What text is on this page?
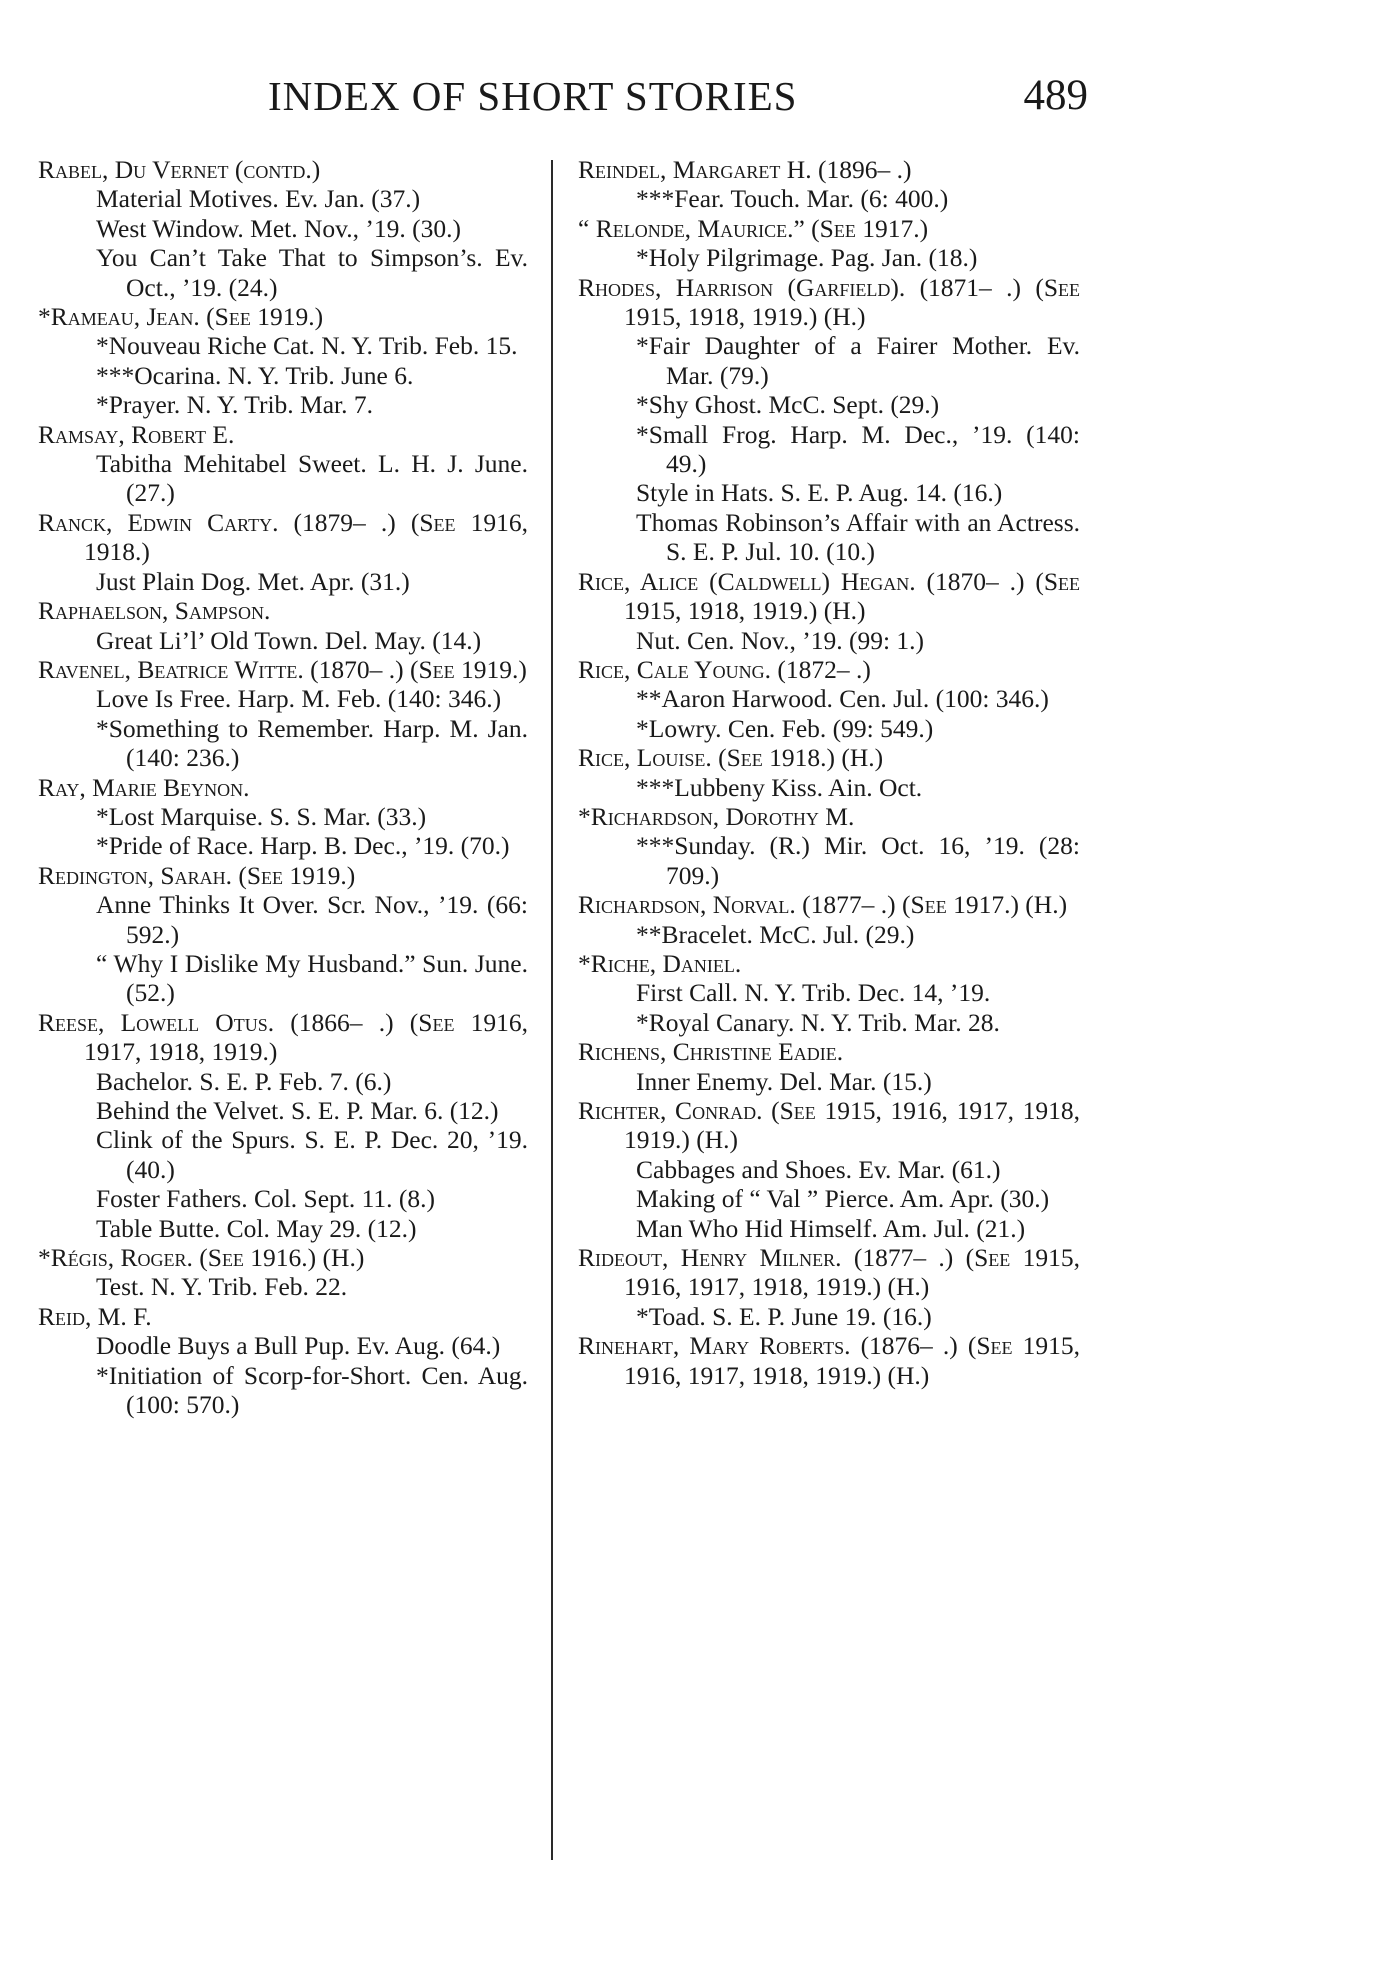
INDEX OF SHORT STORIES	489

Rabel, Du Vernet (contd.)

Material Motives. Ev. Jan. (37.)

West Window. Met. Nov., ’19. (30.)

You Can’t Take That to Simpson’s. Ev. Oct., ’19. (24.)

*Rameau, Jean. (See 1919.)

*Nouveau Riche Cat. N. Y. Trib. Feb. 15.

***Ocarina. N. Y. Trib. June 6.

*Prayer. N. Y. Trib. Mar. 7.

Ramsay, Robert E.

Tabitha Mehitabel Sweet. L. H. J. June. (27.)

Ranck, Edwin Carty. (1879– .) (See 1916, 1918.)

Just Plain Dog. Met. Apr. (31.)

Raphaelson, Sampson.

Great Li’l’ Old Town. Del. May. (14.)

Ravenel, Beatrice Witte. (1870– .) (See 1919.)

Love Is Free. Harp. M. Feb. (140: 346.)

*Something to Remember. Harp. M. Jan. (140: 236.)

Ray, Marie Beynon.

*Lost Marquise. S. S. Mar. (33.)

*Pride of Race. Harp. B. Dec., ’19. (70.)

Redington, Sarah. (See 1919.)

Anne Thinks It Over. Scr. Nov., ’19. (66: 592.)

“ Why I Dislike My Husband.” Sun. June. (52.)

Reese, Lowell Otus. (1866– .) (See 1916, 1917, 1918, 1919.)

Bachelor. S. E. P. Feb. 7. (6.)

Behind the Velvet. S. E. P. Mar. 6. (12.)

Clink of the Spurs. S. E. P. Dec. 20, ’19. (40.)

Foster Fathers. Col. Sept. 11. (8.)

Table Butte. Col. May 29. (12.)

*Régis, Roger. (See 1916.) (H.)

Test. N. Y. Trib. Feb. 22.

Reid, M. F.

Doodle Buys a Bull Pup. Ev. Aug. (64.)

*Initiation of Scorp-for-Short. Cen. Aug. (100: 570.)

Reindel, Margaret H. (1896– .)

***Fear. Touch. Mar. (6: 400.)

“ Relonde, Maurice.” (See 1917.)

*Holy Pilgrimage. Pag. Jan. (18.)

Rhodes, Harrison (Garfield). (1871– .) (See 1915, 1918, 1919.) (H.)

*Fair Daughter of a Fairer Mother. Ev. Mar. (79.)

*Shy Ghost. McC. Sept. (29.)

*Small Frog. Harp. M. Dec., ’19. (140: 49.)

Style in Hats. S. E. P. Aug. 14. (16.)

Thomas Robinson’s Affair with an Actress. S. E. P. Jul. 10. (10.)

Rice, Alice (Caldwell) Hegan. (1870– .) (See 1915, 1918, 1919.) (H.)

Nut. Cen. Nov., ’19. (99: 1.)

Rice, Cale Young. (1872– .)

**Aaron Harwood. Cen. Jul. (100: 346.)

*Lowry. Cen. Feb. (99: 549.)

Rice, Louise. (See 1918.) (H.)

***Lubbeny Kiss. Ain. Oct.

*Richardson, Dorothy M.

***Sunday. (R.) Mir. Oct. 16, ’19. (28: 709.)

Richardson, Norval. (1877– .) (See 1917.) (H.)

**Bracelet. McC. Jul. (29.)

*Riche, Daniel.

First Call. N. Y. Trib. Dec. 14, ’19.

*Royal Canary. N. Y. Trib. Mar. 28.

Richens, Christine Eadie.

Inner Enemy. Del. Mar. (15.)

Richter, Conrad. (See 1915, 1916, 1917, 1918, 1919.) (H.)

Cabbages and Shoes. Ev. Mar. (61.)

Making of “ Val ” Pierce. Am. Apr. (30.)

Man Who Hid Himself. Am. Jul. (21.)

Rideout, Henry Milner. (1877– .) (See 1915, 1916, 1917, 1918, 1919.) (H.)

*Toad. S. E. P. June 19. (16.)

Rinehart, Mary Roberts. (1876– .) (See 1915, 1916, 1917, 1918, 1919.) (H.)
